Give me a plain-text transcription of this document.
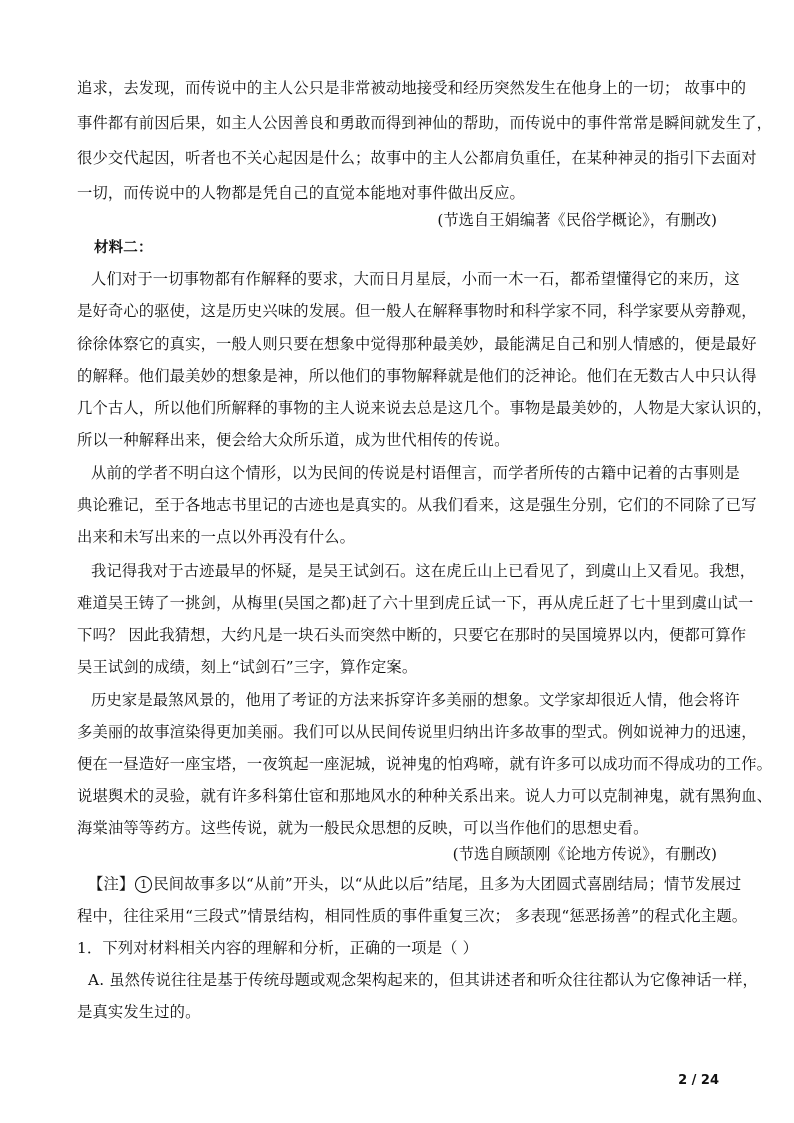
追求，去发现，而传说中的主人公只是非常被动地接受和经历突然发生在他身上的一切； 故事中的
事件都有前因后果，如主人公因善良和勇敢而得到神仙的帮助，而传说中的事件常常是瞬间就发生了，
很少交代起因，听者也不关心起因是什么；故事中的主人公都肩负重任，在某种神灵的指引下去面对
一切，而传说中的人物都是凭自己的直觉本能地对事件做出反应。
(节选自王娟编著《民俗学概论》，有删改)
材料二：
人们对于一切事物都有作解释的要求，大而日月星辰，小而一木一石，都希望懂得它的来历，这
是好奇心的驱使，这是历史兴味的发展。但一般人在解释事物时和科学家不同，科学家要从旁静观，
徐徐体察它的真实，一般人则只要在想象中觉得那种最美妙，最能满足自己和别人情感的，便是最好
的解释。他们最美妙的想象是神，所以他们的事物解释就是他们的泛神论。他们在无数古人中只认得
几个古人，所以他们所解释的事物的主人说来说去总是这几个。事物是最美妙的，人物是大家认识的，
所以一种解释出来，便会给大众所乐道，成为世代相传的传说。
从前的学者不明白这个情形，以为民间的传说是村语俚言，而学者所传的古籍中记着的古事则是
典论雅记，至于各地志书里记的古迹也是真实的。从我们看来，这是强生分别，它们的不同除了已写
出来和未写出来的一点以外再没有什么。
我记得我对于古迹最早的怀疑，是吴王试剑石。这在虎丘山上已看见了，到虞山上又看见。我想，
难道吴王铸了一挑剑，从梅里(吴国之都)赶了六十里到虎丘试一下，再从虎丘赶了七十里到虞山试一
下吗？ 因此我猜想，大约凡是一块石头而突然中断的，只要它在那时的吴国境界以内，便都可算作
吴王试剑的成绩，刻上“试剑石”三字，算作定案。
历史家是最煞风景的，他用了考证的方法来拆穿许多美丽的想象。文学家却很近人情，他会将许
多美丽的故事渲染得更加美丽。我们可以从民间传说里归纳出许多故事的型式。例如说神力的迅速，
便在一昼造好一座宝塔，一夜筑起一座泥城，说神鬼的怕鸡啼，就有许多可以成功而不得成功的工作。
说堪舆术的灵验，就有许多科第仕宦和那地风水的种种关系出来。说人力可以克制神鬼，就有黑狗血、
海棠油等等药方。这些传说，就为一般民众思想的反映，可以当作他们的思想史看。
(节选自顾颉刚《论地方传说》，有删改)
【注】 1 民间故事多以“从前”开头，以“从此以后”结尾，且多为大团圆式喜剧结局；情节发展过
程中，往往采用“三段式”情景结构，相同性质的事件重复三次； 多表现“惩恶扬善”的程式化主题。
1．下列对材料相关内容的理解和分析，正确的一项是（ ）
A. 虽然传说往往是基于传统母题或观念架构起来的，但其讲述者和听众往往都认为它像神话一样，
是真实发生过的。
2 / 24
